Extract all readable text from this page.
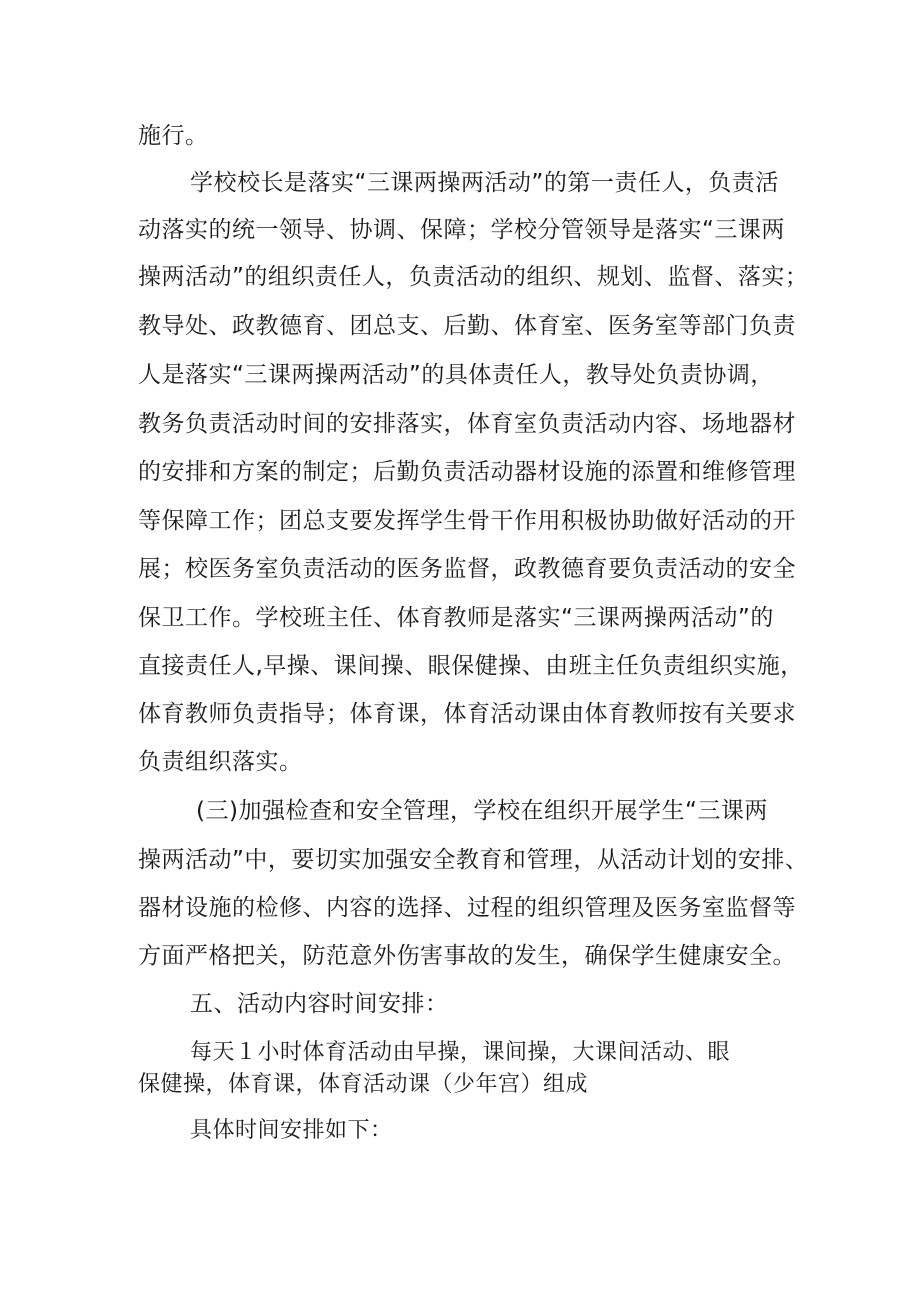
施行。
学校校长是落实“三课两操两活动”的第一责任人，负责活
动落实的统一领导、协调、保障；学校分管领导是落实“三课两
操两活动”的组织责任人，负责活动的组织、规划、监督、落实；
教导处、政教德育、团总支、后勤、体育室、医务室等部门负责
人是落实“三课两操两活动”的具体责任人，教导处负责协调，
教务负责活动时间的安排落实，体育室负责活动内容、场地器材
的安排和方案的制定；后勤负责活动器材设施的添置和维修管理
等保障工作；团总支要发挥学生骨干作用积极协助做好活动的开
展；校医务室负责活动的医务监督，政教德育要负责活动的安全
保卫工作。学校班主任、体育教师是落实“三课两操两活动”的
直接责任人,早操、课间操、眼保健操、由班主任负责组织实施，
体育教师负责指导；体育课，体育活动课由体育教师按有关要求
负责组织落实。
(三)加强检查和安全管理，学校在组织开展学生“三课两
操两活动”中，要切实加强安全教育和管理，从活动计划的安排、
器材设施的检修、内容的选择、过程的组织管理及医务室监督等
方面严格把关，防范意外伤害事故的发生，确保学生健康安全。
五、活动内容时间安排：
每天１小时体育活动由早操，课间操，大课间活动、眼
保健操，体育课，体育活动课（少年宫）组成
具体时间安排如下：
